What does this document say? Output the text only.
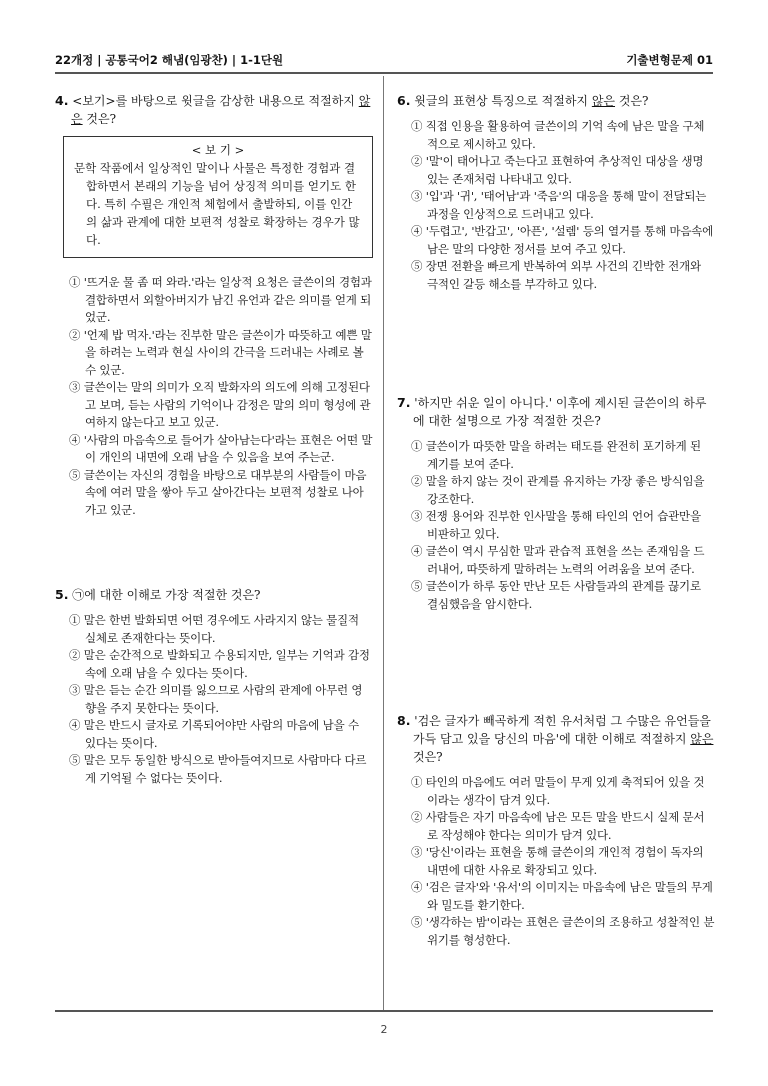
22개정 | 공통국어2 해냄(임광찬) | 1-1단원	기출변형문제 01

4. <보기>를 바탕으로 윗글을 감상한 내용으로 적절하지 않은 것은?

< 보 기 >
문학 작품에서 일상적인 말이나 사물은 특정한 경험과 결합하면서 본래의 기능을 넘어 상징적 의미를 얻기도 한다. 특히 수필은 개인적 체험에서 출발하되, 이를 인간의 삶과 관계에 대한 보편적 성찰로 확장하는 경우가 많다.

① '뜨거운 물 좀 떠 와라.'라는 일상적 요청은 글쓴이의 경험과 결합하면서 외할아버지가 남긴 유언과 같은 의미를 얻게 되었군.

② '언제 밥 먹자.'라는 진부한 말은 글쓴이가 따뜻하고 예쁜 말을 하려는 노력과 현실 사이의 간극을 드러내는 사례로 볼 수 있군.

③ 글쓴이는 말의 의미가 오직 발화자의 의도에 의해 고정된다고 보며, 듣는 사람의 기억이나 감정은 말의 의미 형성에 관여하지 않는다고 보고 있군.

④ '사람의 마음속으로 들어가 살아남는다'라는 표현은 어떤 말이 개인의 내면에 오래 남을 수 있음을 보여 주는군.

⑤ 글쓴이는 자신의 경험을 바탕으로 대부분의 사람들이 마음속에 여러 말을 쌓아 두고 살아간다는 보편적 성찰로 나아가고 있군.

5. ㉠에 대한 이해로 가장 적절한 것은?

① 말은 한번 발화되면 어떤 경우에도 사라지지 않는 물질적 실체로 존재한다는 뜻이다.

② 말은 순간적으로 발화되고 수용되지만, 일부는 기억과 감정 속에 오래 남을 수 있다는 뜻이다.

③ 말은 듣는 순간 의미를 잃으므로 사람의 관계에 아무런 영향을 주지 못한다는 뜻이다.

④ 말은 반드시 글자로 기록되어야만 사람의 마음에 남을 수 있다는 뜻이다.

⑤ 말은 모두 동일한 방식으로 받아들여지므로 사람마다 다르게 기억될 수 없다는 뜻이다.

6. 윗글의 표현상 특징으로 적절하지 않은 것은?

① 직접 인용을 활용하여 글쓴이의 기억 속에 남은 말을 구체적으로 제시하고 있다.

② '말'이 태어나고 죽는다고 표현하여 추상적인 대상을 생명 있는 존재처럼 나타내고 있다.

③ '입'과 '귀', '태어남'과 '죽음'의 대응을 통해 말이 전달되는 과정을 인상적으로 드러내고 있다.

④ '두렵고', '반갑고', '아픈', '설렘' 등의 열거를 통해 마음속에 남은 말의 다양한 정서를 보여 주고 있다.

⑤ 장면 전환을 빠르게 반복하여 외부 사건의 긴박한 전개와 극적인 갈등 해소를 부각하고 있다.

7. '하지만 쉬운 일이 아니다.' 이후에 제시된 글쓴이의 하루에 대한 설명으로 가장 적절한 것은?

① 글쓴이가 따뜻한 말을 하려는 태도를 완전히 포기하게 된 계기를 보여 준다.

② 말을 하지 않는 것이 관계를 유지하는 가장 좋은 방식임을 강조한다.

③ 전쟁 용어와 진부한 인사말을 통해 타인의 언어 습관만을 비판하고 있다.

④ 글쓴이 역시 무심한 말과 관습적 표현을 쓰는 존재임을 드러내어, 따뜻하게 말하려는 노력의 어려움을 보여 준다.

⑤ 글쓴이가 하루 동안 만난 모든 사람들과의 관계를 끊기로 결심했음을 암시한다.

8. '검은 글자가 빼곡하게 적힌 유서처럼 그 수많은 유언들을 가득 담고 있을 당신의 마음'에 대한 이해로 적절하지 않은 것은?

① 타인의 마음에도 여러 말들이 무게 있게 축적되어 있을 것이라는 생각이 담겨 있다.

② 사람들은 자기 마음속에 남은 모든 말을 반드시 실제 문서로 작성해야 한다는 의미가 담겨 있다.

③ '당신'이라는 표현을 통해 글쓴이의 개인적 경험이 독자의 내면에 대한 사유로 확장되고 있다.

④ '검은 글자'와 '유서'의 이미지는 마음속에 남은 말들의 무게와 밀도를 환기한다.

⑤ '생각하는 밤'이라는 표현은 글쓴이의 조용하고 성찰적인 분위기를 형성한다.

2
